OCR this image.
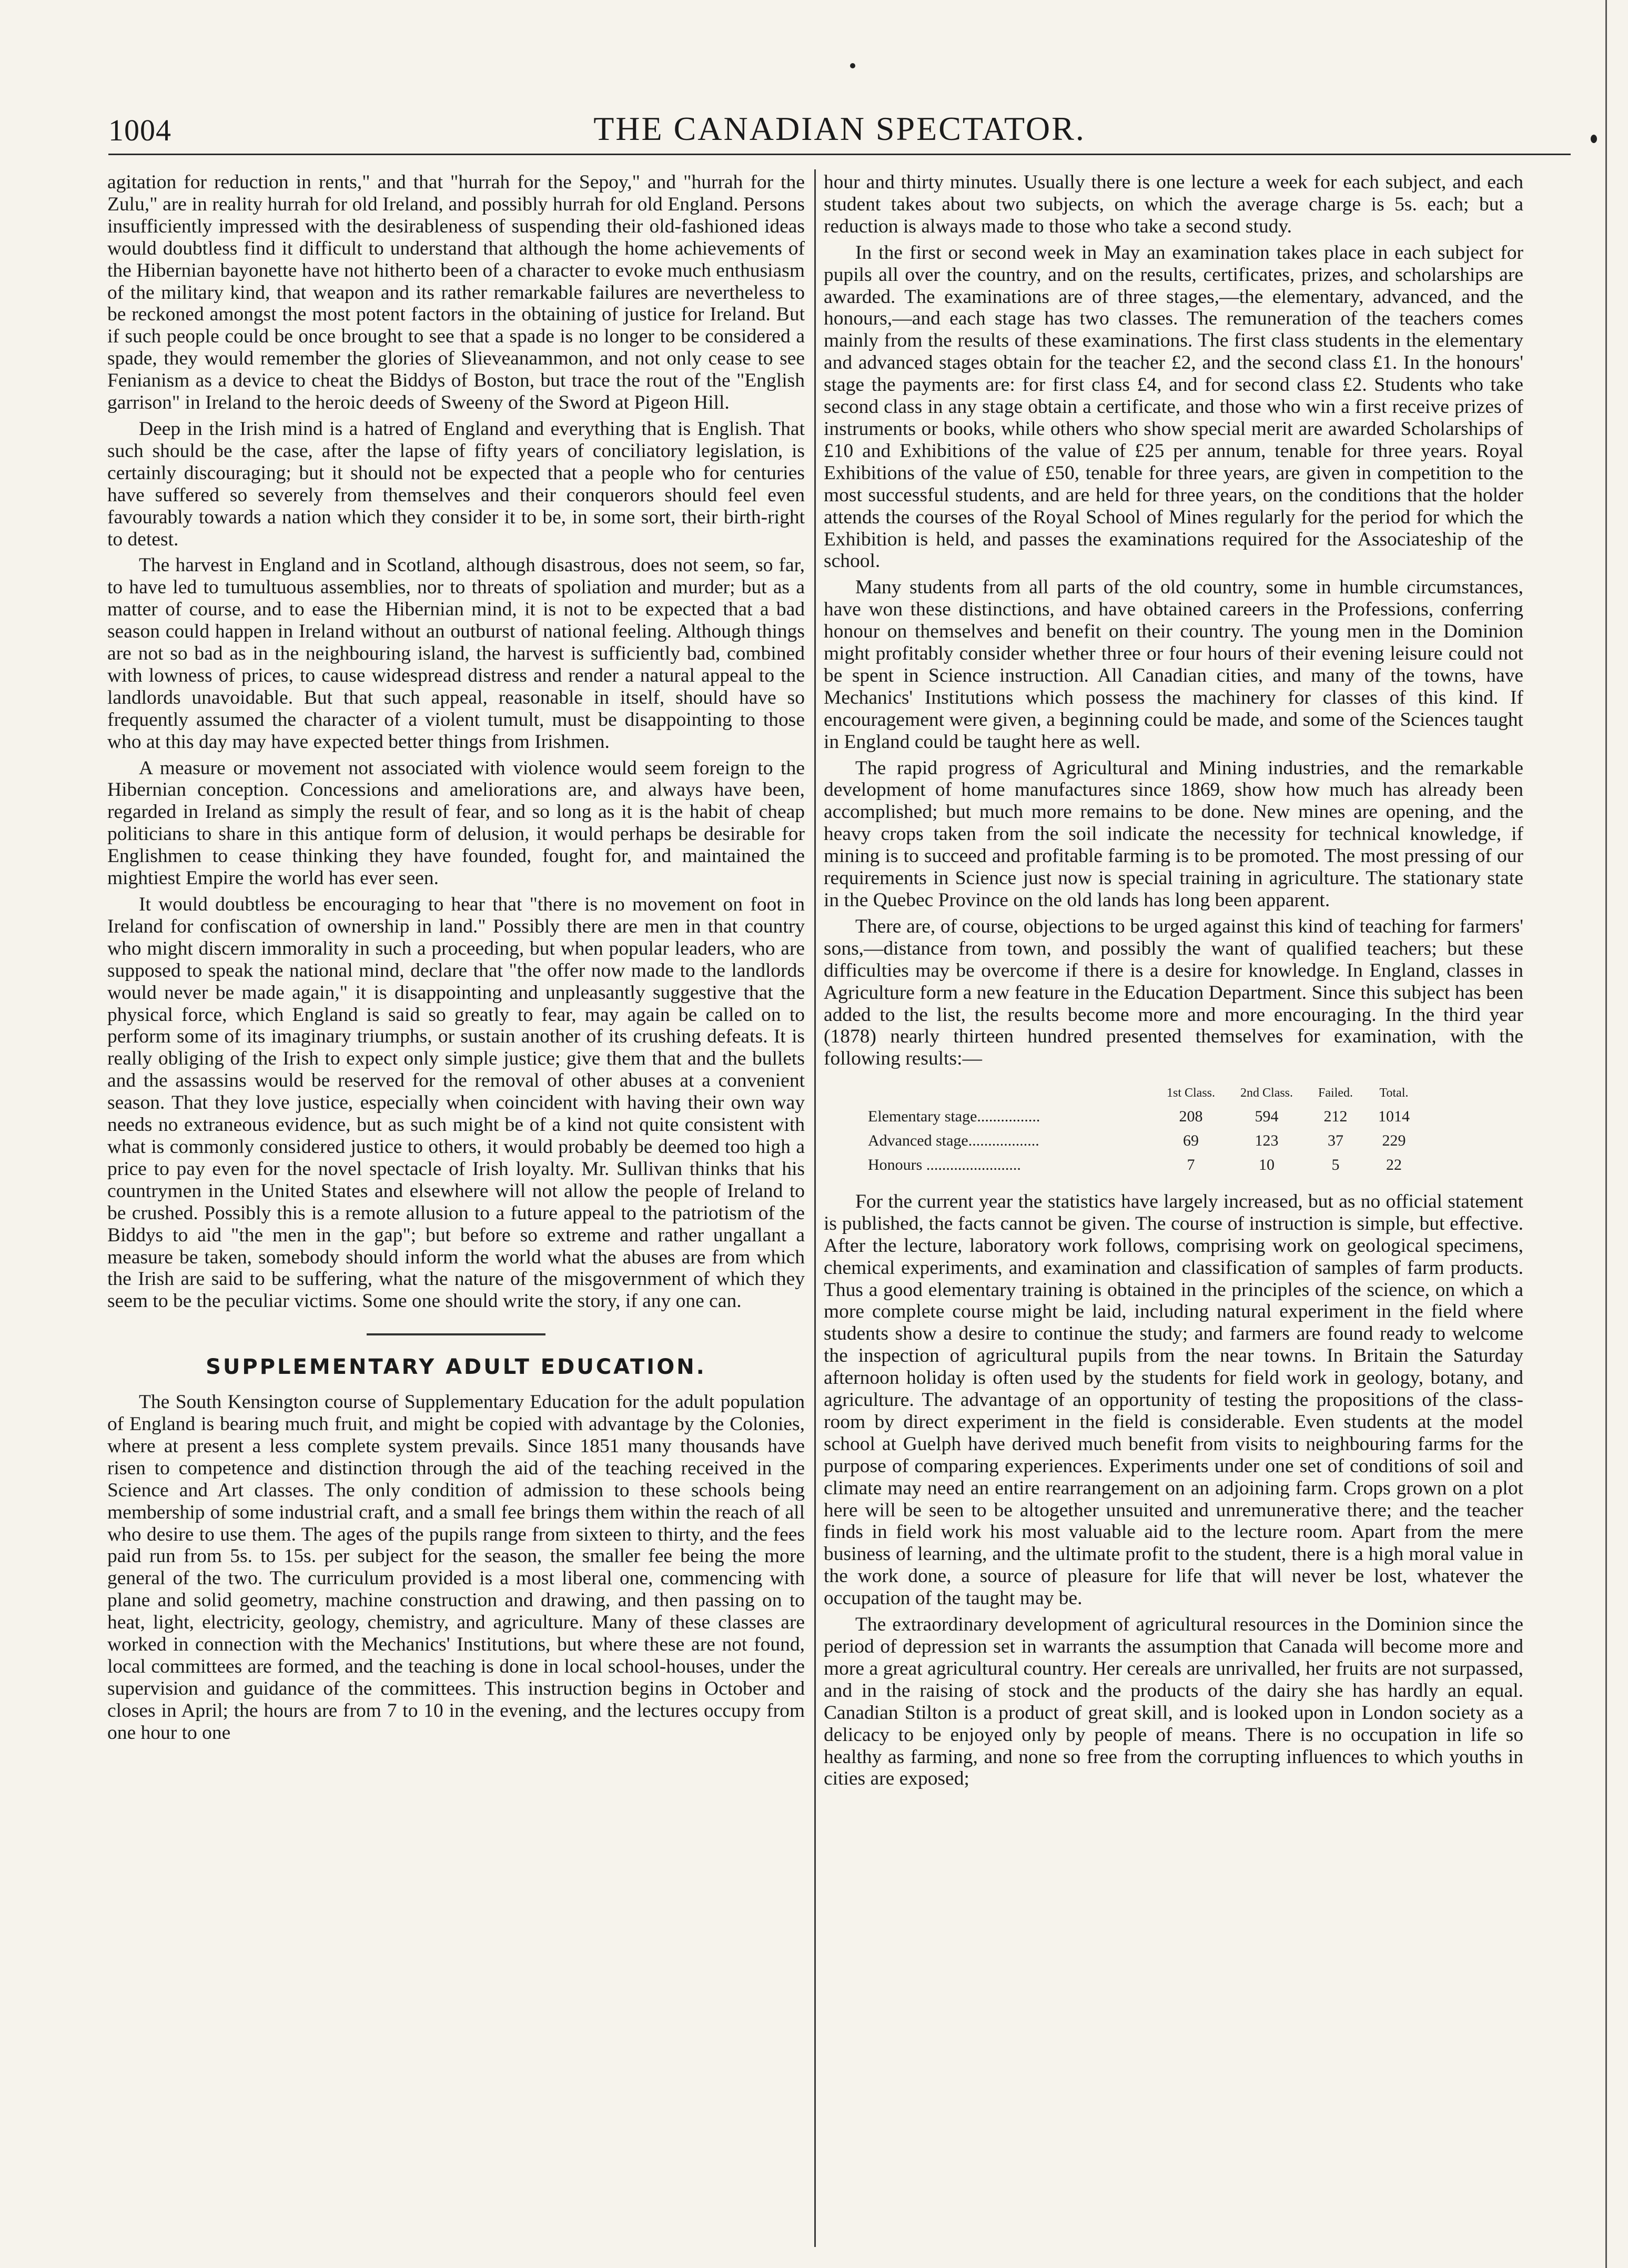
1004	THE CANADIAN SPECTATOR.

agitation for reduction in rents," and that "hurrah for the Sepoy," and "hurrah for the Zulu," are in reality hurrah for old Ireland, and possibly hurrah for old England. Persons insufficiently impressed with the desirableness of suspending their old-fashioned ideas would doubtless find it difficult to understand that although the home achievements of the Hibernian bayonette have not hitherto been of a character to evoke much enthusiasm of the military kind, that weapon and its rather remarkable failures are nevertheless to be reckoned amongst the most potent factors in the obtaining of justice for Ireland. But if such people could be once brought to see that a spade is no longer to be considered a spade, they would remember the glories of Slieveanammon, and not only cease to see Fenianism as a device to cheat the Biddys of Boston, but trace the rout of the "English garrison" in Ireland to the heroic deeds of Sweeny of the Sword at Pigeon Hill.

Deep in the Irish mind is a hatred of England and everything that is English. That such should be the case, after the lapse of fifty years of conciliatory legislation, is certainly discouraging; but it should not be expected that a people who for centuries have suffered so severely from themselves and their conquerors should feel even favourably towards a nation which they consider it to be, in some sort, their birth-right to detest.

The harvest in England and in Scotland, although disastrous, does not seem, so far, to have led to tumultuous assemblies, nor to threats of spoliation and murder; but as a matter of course, and to ease the Hibernian mind, it is not to be expected that a bad season could happen in Ireland without an outburst of national feeling. Although things are not so bad as in the neighbouring island, the harvest is sufficiently bad, combined with lowness of prices, to cause widespread distress and render a natural appeal to the landlords unavoidable. But that such appeal, reasonable in itself, should have so frequently assumed the character of a violent tumult, must be disappointing to those who at this day may have expected better things from Irishmen.

A measure or movement not associated with violence would seem foreign to the Hibernian conception. Concessions and ameliorations are, and always have been, regarded in Ireland as simply the result of fear, and so long as it is the habit of cheap politicians to share in this antique form of delusion, it would perhaps be desirable for Englishmen to cease thinking they have founded, fought for, and maintained the mightiest Empire the world has ever seen.

It would doubtless be encouraging to hear that "there is no movement on foot in Ireland for confiscation of ownership in land." Possibly there are men in that country who might discern immorality in such a proceeding, but when popular leaders, who are supposed to speak the national mind, declare that "the offer now made to the landlords would never be made again," it is disappointing and unpleasantly suggestive that the physical force, which England is said so greatly to fear, may again be called on to perform some of its imaginary triumphs, or sustain another of its crushing defeats. It is really obliging of the Irish to expect only simple justice; give them that and the bullets and the assassins would be reserved for the removal of other abuses at a convenient season. That they love justice, especially when coincident with having their own way needs no extraneous evidence, but as such might be of a kind not quite consistent with what is commonly considered justice to others, it would probably be deemed too high a price to pay even for the novel spectacle of Irish loyalty. Mr. Sullivan thinks that his countrymen in the United States and elsewhere will not allow the people of Ireland to be crushed. Possibly this is a remote allusion to a future appeal to the patriotism of the Biddys to aid "the men in the gap"; but before so extreme and rather ungallant a measure be taken, somebody should inform the world what the abuses are from which the Irish are said to be suffering, what the nature of the misgovernment of which they seem to be the peculiar victims. Some one should write the story, if any one can.

SUPPLEMENTARY ADULT EDUCATION.

The South Kensington course of Supplementary Education for the adult population of England is bearing much fruit, and might be copied with advantage by the Colonies, where at present a less complete system prevails. Since 1851 many thousands have risen to competence and distinction through the aid of the teaching received in the Science and Art classes. The only condition of admission to these schools being membership of some industrial craft, and a small fee brings them within the reach of all who desire to use them. The ages of the pupils range from sixteen to thirty, and the fees paid run from 5s. to 15s. per subject for the season, the smaller fee being the more general of the two. The curriculum provided is a most liberal one, commencing with plane and solid geometry, machine construction and drawing, and then passing on to heat, light, electricity, geology, chemistry, and agriculture. Many of these classes are worked in connection with the Mechanics' Institutions, but where these are not found, local committees are formed, and the teaching is done in local school-houses, under the supervision and guidance of the committees. This instruction begins in October and closes in April; the hours are from 7 to 10 in the evening, and the lectures occupy from one hour to one

hour and thirty minutes. Usually there is one lecture a week for each subject, and each student takes about two subjects, on which the average charge is 5s. each; but a reduction is always made to those who take a second study.

In the first or second week in May an examination takes place in each subject for pupils all over the country, and on the results, certificates, prizes, and scholarships are awarded. The examinations are of three stages,—the elementary, advanced, and the honours,—and each stage has two classes. The remuneration of the teachers comes mainly from the results of these examinations. The first class students in the elementary and advanced stages obtain for the teacher £2, and the second class £1. In the honours' stage the payments are: for first class £4, and for second class £2. Students who take second class in any stage obtain a certificate, and those who win a first receive prizes of instruments or books, while others who show special merit are awarded Scholarships of £10 and Exhibitions of the value of £25 per annum, tenable for three years. Royal Exhibitions of the value of £50, tenable for three years, are given in competition to the most successful students, and are held for three years, on the conditions that the holder attends the courses of the Royal School of Mines regularly for the period for which the Exhibition is held, and passes the examinations required for the Associateship of the school.

Many students from all parts of the old country, some in humble circumstances, have won these distinctions, and have obtained careers in the Professions, conferring honour on themselves and benefit on their country. The young men in the Dominion might profitably consider whether three or four hours of their evening leisure could not be spent in Science instruction. All Canadian cities, and many of the towns, have Mechanics' Institutions which possess the machinery for classes of this kind. If encouragement were given, a beginning could be made, and some of the Sciences taught in England could be taught here as well.

The rapid progress of Agricultural and Mining industries, and the remarkable development of home manufactures since 1869, show how much has already been accomplished; but much more remains to be done. New mines are opening, and the heavy crops taken from the soil indicate the necessity for technical knowledge, if mining is to succeed and profitable farming is to be promoted. The most pressing of our requirements in Science just now is special training in agriculture. The stationary state in the Quebec Province on the old lands has long been apparent.

There are, of course, objections to be urged against this kind of teaching for farmers' sons,—distance from town, and possibly the want of qualified teachers; but these difficulties may be overcome if there is a desire for knowledge. In England, classes in Agriculture form a new feature in the Education Department. Since this subject has been added to the list, the results become more and more encouraging. In the third year (1878) nearly thirteen hundred presented themselves for examination, with the following results:—

	1st Class.	2nd Class.	Failed.	Total.
Elementary stage................	208	594	212	1014
Advanced stage..................	69	123	37	229
Honours ........................	7	10	5	22

For the current year the statistics have largely increased, but as no official statement is published, the facts cannot be given. The course of instruction is simple, but effective. After the lecture, laboratory work follows, comprising work on geological specimens, chemical experiments, and examination and classification of samples of farm products. Thus a good elementary training is obtained in the principles of the science, on which a more complete course might be laid, including natural experiment in the field where students show a desire to continue the study; and farmers are found ready to welcome the inspection of agricultural pupils from the near towns. In Britain the Saturday afternoon holiday is often used by the students for field work in geology, botany, and agriculture. The advantage of an opportunity of testing the propositions of the class-room by direct experiment in the field is considerable. Even students at the model school at Guelph have derived much benefit from visits to neighbouring farms for the purpose of comparing experiences. Experiments under one set of conditions of soil and climate may need an entire rearrangement on an adjoining farm. Crops grown on a plot here will be seen to be altogether unsuited and unremunerative there; and the teacher finds in field work his most valuable aid to the lecture room. Apart from the mere business of learning, and the ultimate profit to the student, there is a high moral value in the work done, a source of pleasure for life that will never be lost, whatever the occupation of the taught may be.

The extraordinary development of agricultural resources in the Dominion since the period of depression set in warrants the assumption that Canada will become more and more a great agricultural country. Her cereals are unrivalled, her fruits are not surpassed, and in the raising of stock and the products of the dairy she has hardly an equal. Canadian Stilton is a product of great skill, and is looked upon in London society as a delicacy to be enjoyed only by people of means. There is no occupation in life so healthy as farming, and none so free from the corrupting influences to which youths in cities are exposed;
